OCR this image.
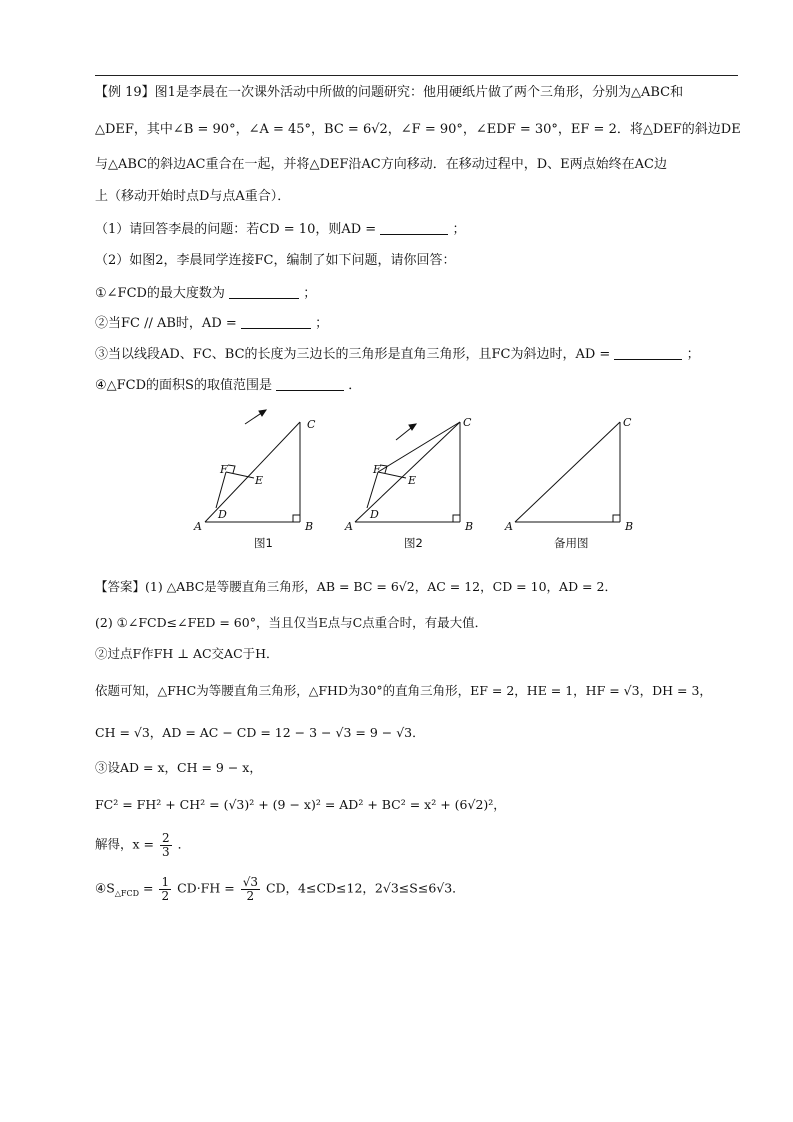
【例 19】图1是李晨在一次课外活动中所做的问题研究：他用硬纸片做了两个三角形，分别为△ABC和
△DEF，其中∠B = 90°，∠A = 45°，BC = 6√2，∠F = 90°，∠EDF = 30°，EF = 2．将△DEF的斜边DE
与△ABC的斜边AC重合在一起，并将△DEF沿AC方向移动．在移动过程中，D、E两点始终在AC边
上（移动开始时点D与点A重合）．
（1）请回答李晨的问题：若CD = 10，则AD =	；
（2）如图2，李晨同学连接FC，编制了如下问题，请你回答：
①∠FCD的最大度数为	；
②当FC // AB时，AD =	；
③当以线段AD、FC、BC的长度为三边长的三角形是直角三角形，且FC为斜边时，AD =	；
④△FCD的面积S的取值范围是	．
A	B
C
D
E
F
A	B
C
D
E
F
A	B
C
图1	图2	备用图
【答案】(1) △ABC是等腰直角三角形，AB = BC = 6√2，AC = 12，CD = 10，AD = 2．
(2) ①∠FCD≤∠FED = 60°，当且仅当E点与C点重合时，有最大值．
②过点F作FH ⊥ AC交AC于H．
依题可知，△FHC为等腰直角三角形，△FHD为30°的直角三角形，EF = 2，HE = 1，HF = √3，DH = 3，
CH = √3，AD = AC − CD = 12 − 3 − √3 = 9 − √3．
③设AD = x，CH = 9 − x，
FC² = FH² + CH² = (√3)² + (9 − x)² = AD² + BC² = x² + (6√2)²，
解得，$x = \frac{2}{3}$ ．
$④S_{\triangle FCD} = \frac{1}{2} CD\cdot FH = \frac{√3}{2}$ CD，4≤CD≤12，2√3≤S≤6√3．
